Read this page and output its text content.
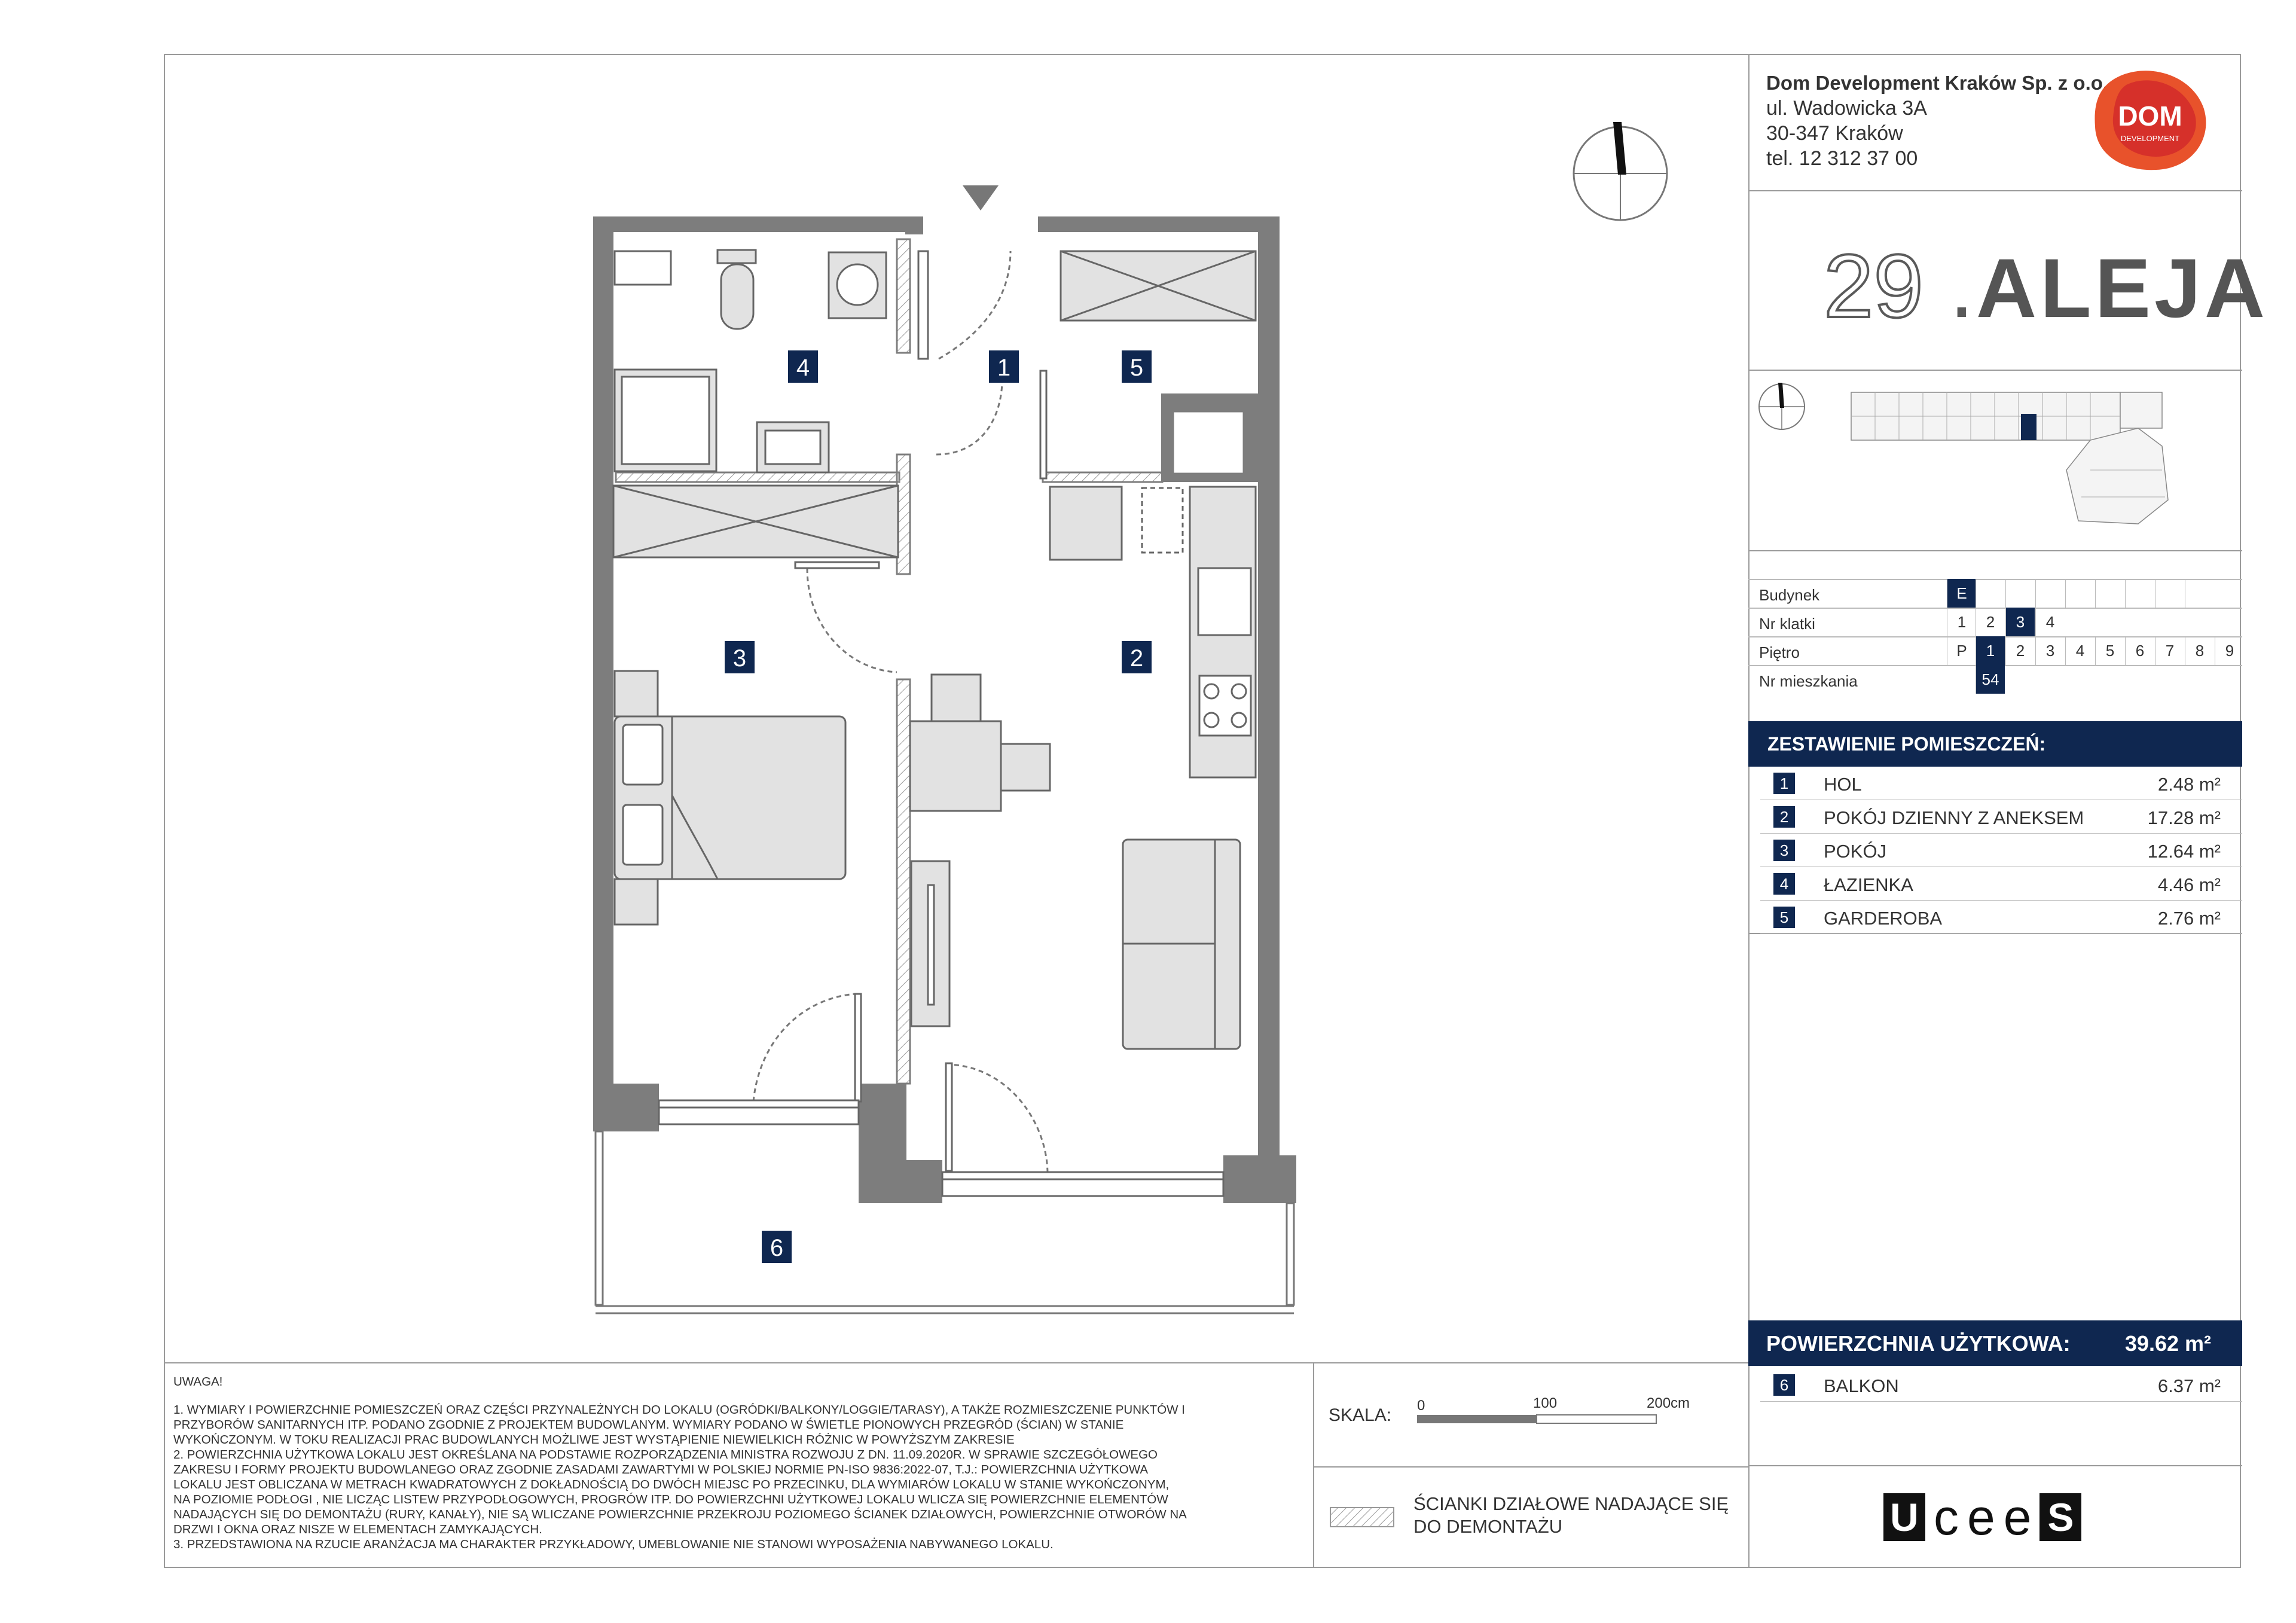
Dom Development Kraków Sp. z o.o.
ul. Wadowicka 3A
30-347 Kraków
tel. 12 312 37 00
DOM
DEVELOPMENT
29 . ALEJA
Budynek	E
Nr klatki	1	2	3	4
Piętro	P	1	2	3	4	5	6	7	8	9
Nr mieszkania	54
ZESTAWIENIE POMIESZCZEŃ:
1	HOL	2.48 m²
2	POKÓJ DZIENNY Z ANEKSEM	17.28 m²
3	POKÓJ	12.64 m²
4	ŁAZIENKA	4.46 m²
5	GARDEROBA	2.76 m²
POWIERZCHNIA UŻYTKOWA:	39.62 m²
6	BALKON	6.37 m²
U c e e S

UWAGA!

1. WYMIARY I POWIERZCHNIE POMIESZCZEŃ ORAZ CZĘŚCI PRZYNALEŻNYCH DO LOKALU (OGRÓDKI/BALKONY/LOGGIE/TARASY), A TAKŻE ROZMIESZCZENIE PUNKTÓW I

PRZYBORÓW SANITARNYCH ITP. PODANO ZGODNIE Z PROJEKTEM BUDOWLANYM. WYMIARY PODANO W ŚWIETLE PIONOWYCH PRZEGRÓD (ŚCIAN) W STANIE

WYKOŃCZONYM. W TOKU REALIZACJI PRAC BUDOWLANYCH MOŻLIWE JEST WYSTĄPIENIE NIEWIELKICH RÓŻNIC W POWYŻSZYM ZAKRESIE

2. POWIERZCHNIA UŻYTKOWA LOKALU JEST OKREŚLANA NA PODSTAWIE ROZPORZĄDZENIA MINISTRA ROZWOJU Z DN. 11.09.2020R. W SPRAWIE SZCZEGÓŁOWEGO

ZAKRESU I FORMY PROJEKTU BUDOWLANEGO ORAZ ZGODNIE ZASADAMI ZAWARTYMI W POLSKIEJ NORMIE PN-ISO 9836:2022-07, T.J.: POWIERZCHNIA UŻYTKOWA

LOKALU JEST OBLICZANA W METRACH KWADRATOWYCH Z DOKŁADNOŚCIĄ DO DWÓCH MIEJSC PO PRZECINKU, DLA WYMIARÓW LOKALU W STANIE WYKOŃCZONYM,

NA POZIOMIE PODŁOGI , NIE LICZĄC LISTEW PRZYPODŁOGOWYCH, PROGRÓW ITP. DO POWIERZCHNI UŻYTKOWEJ LOKALU WLICZA SIĘ POWIERZCHNIE ELEMENTÓW

NADAJĄCYCH SIĘ DO DEMONTAŻU (RURY, KANAŁY), NIE SĄ WLICZANE POWIERZCHNIE PRZEKROJU POZIOMEGO ŚCIANEK DZIAŁOWYCH, POWIERZCHNIE OTWORÓW NA

DRZWI I OKNA ORAZ NISZE W ELEMENTACH ZAMYKAJĄCYCH.

3. PRZEDSTAWIONA NA RZUCIE ARANŻACJA MA CHARAKTER PRZYKŁADOWY, UMEBLOWANIE NIE STANOWI WYPOSAŻENIA NABYWANEGO LOKALU.

SKALA: 0	100	200cm
ŚCIANKI DZIAŁOWE NADAJĄCE SIĘ
DO DEMONTAŻU
4	1	5
3	2
6
